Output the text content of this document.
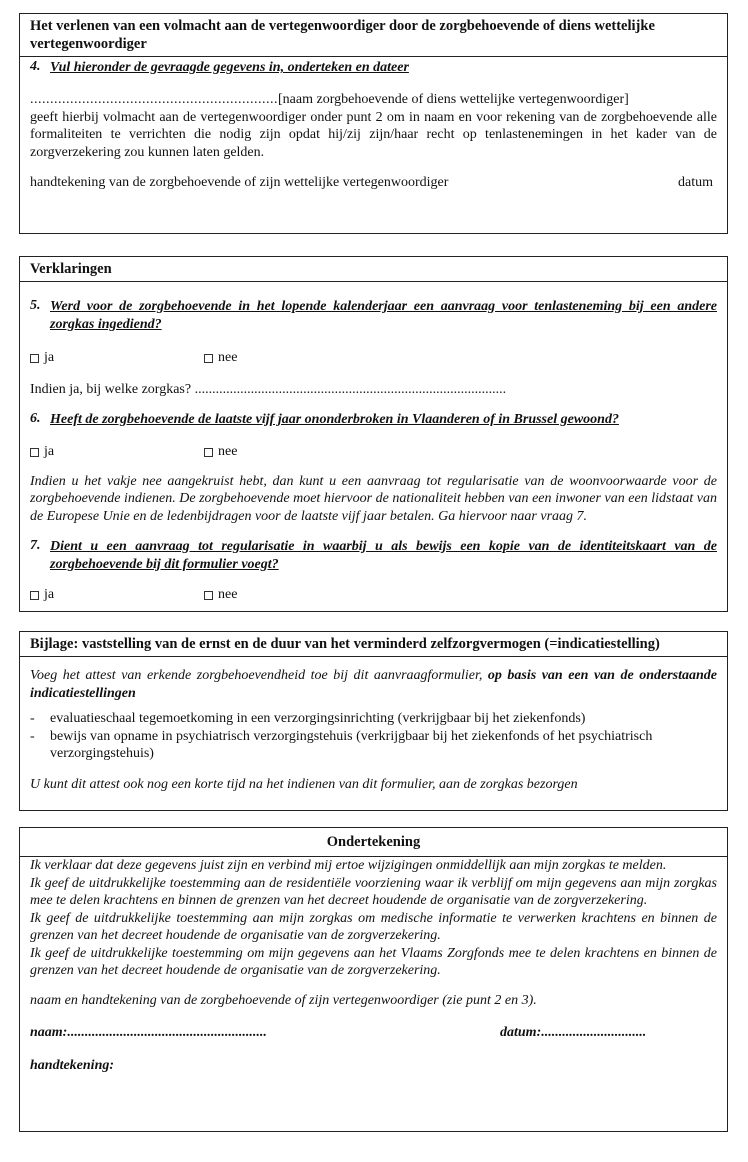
Het verlenen van een volmacht aan de vertegenwoordiger door de zorgbehoevende of diens wettelijke vertegenwoordiger
4. Vul hieronder de gevraagde gegevens in, onderteken en dateer
.............................................................. [naam zorgbehoevende of diens wettelijke vertegenwoordiger]

geeft hierbij volmacht aan de vertegenwoordiger onder punt 2 om in naam en voor rekening van de zorgbehoevende alle formaliteiten te verrichten die nodig zijn opdat hij/zij zijn/haar recht op tenlastenemingen in het kader van de zorgverzekering zou kunnen laten gelden.

handtekening van de zorgbehoevende of zijn wettelijke vertegenwoordiger	datum
Verklaringen
5. Werd voor de zorgbehoevende in het lopende kalenderjaar een aanvraag voor tenlasteneming bij een andere zorgkas ingediend?
ja	nee

Indien ja, bij welke zorgkas? .........................................................................................

6. Heeft de zorgbehoevende de laatste vijf jaar ononderbroken in Vlaanderen of in Brussel gewoond?
ja	nee

Indien u het vakje nee aangekruist hebt, dan kunt u een aanvraag tot regularisatie van de woonvoorwaarde voor de zorgbehoevende indienen. De zorgbehoevende moet hiervoor de nationaliteit hebben van een inwoner van een lidstaat van de Europese Unie en de ledenbijdragen voor de laatste vijf jaar betalen. Ga hiervoor naar vraag 7.

7. Dient u een aanvraag tot regularisatie in waarbij u als bewijs een kopie van de identiteitskaart van de zorgbehoevende bij dit formulier voegt?
ja	nee
Bijlage: vaststelling van de ernst en de duur van het verminderd zelfzorgvermogen (=indicatiestelling)

Voeg het attest van erkende zorgbehoevendheid toe bij dit aanvraagformulier, op basis van een van de onderstaande indicatiestellingen

-	evaluatieschaal tegemoetkoming in een verzorgingsinrichting (verkrijgbaar bij het ziekenfonds)
-	bewijs van opname in psychiatrisch verzorgingstehuis (verkrijgbaar bij het ziekenfonds of het psychiatrisch verzorgingstehuis)

U kunt dit attest ook nog een korte tijd na het indienen van dit formulier, aan de zorgkas bezorgen

Ondertekening

Ik verklaar dat deze gegevens juist zijn en verbind mij ertoe wijzigingen onmiddellijk aan mijn zorgkas te melden.

Ik geef de uitdrukkelijke toestemming aan de residentiële voorziening waar ik verblijf om mijn gegevens aan mijn zorgkas mee te delen krachtens en binnen de grenzen van het decreet houdende de organisatie van de zorgverzekering.

Ik geef de uitdrukkelijke toestemming aan mijn zorgkas om medische informatie te verwerken krachtens en binnen de grenzen van het decreet houdende de organisatie van de zorgverzekering.

Ik geef de uitdrukkelijke toestemming om mijn gegevens aan het Vlaams Zorgfonds mee te delen krachtens en binnen de grenzen van het decreet houdende de organisatie van de zorgverzekering.

naam en handtekening van de zorgbehoevende of zijn vertegenwoordiger (zie punt 2 en 3).

naam:.........................................................	datum:..............................

handtekening:
